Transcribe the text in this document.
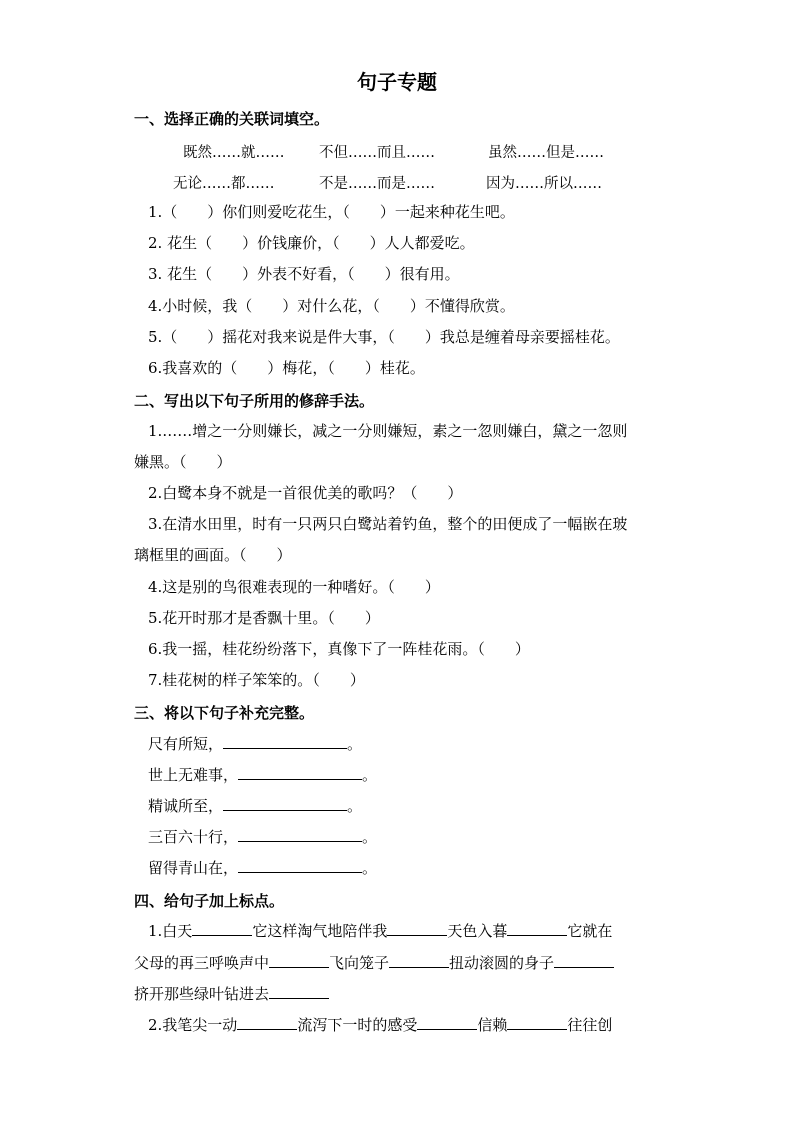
句子专题
一、选择正确的关联词填空。
既然……就…… 不但……而且……	虽然……但是……
无论……都……	不是……而是……	因为……所以……
1.（　　）你们则爱吃花生，（　　）一起来种花生吧。
2. 花生（　　）价钱廉价，（　　）人人都爱吃。
3. 花生（　　）外表不好看，（　　）很有用。
4.小时候，我（　　）对什么花，（　　）不懂得欣赏。
5.（　　）摇花对我来说是件大事，（　　）我总是缠着母亲要摇桂花。
6.我喜欢的（　　）梅花，（　　）桂花。
二、写出以下句子所用的修辞手法。
1.……增之一分则嫌长，减之一分则嫌短，素之一忽则嫌白，黛之一忽则
嫌黑。（　　）
2.白鹭本身不就是一首很优美的歌吗？（　　）
3.在清水田里，时有一只两只白鹭站着钓鱼，整个的田便成了一幅嵌在玻
璃框里的画面。（　　）
4.这是别的鸟很难表现的一种嗜好。（　　）
5.花开时那才是香飘十里。（　　）
6.我一摇，桂花纷纷落下，真像下了一阵桂花雨。（　　）
7.桂花树的样子笨笨的。（　　）
三、将以下句子补充完整。
尺有所短，	。
世上无难事，	。
精诚所至，	。
三百六十行，	。
留得青山在，	。
四、给句子加上标点。
1.白天	它这样淘气地陪伴我	天色入暮	它就在
父母的再三呼唤声中	飞向笼子	扭动滚圆的身子
挤开那些绿叶钻进去
2.我笔尖一动	流泻下一时的感受	信赖	往往创
